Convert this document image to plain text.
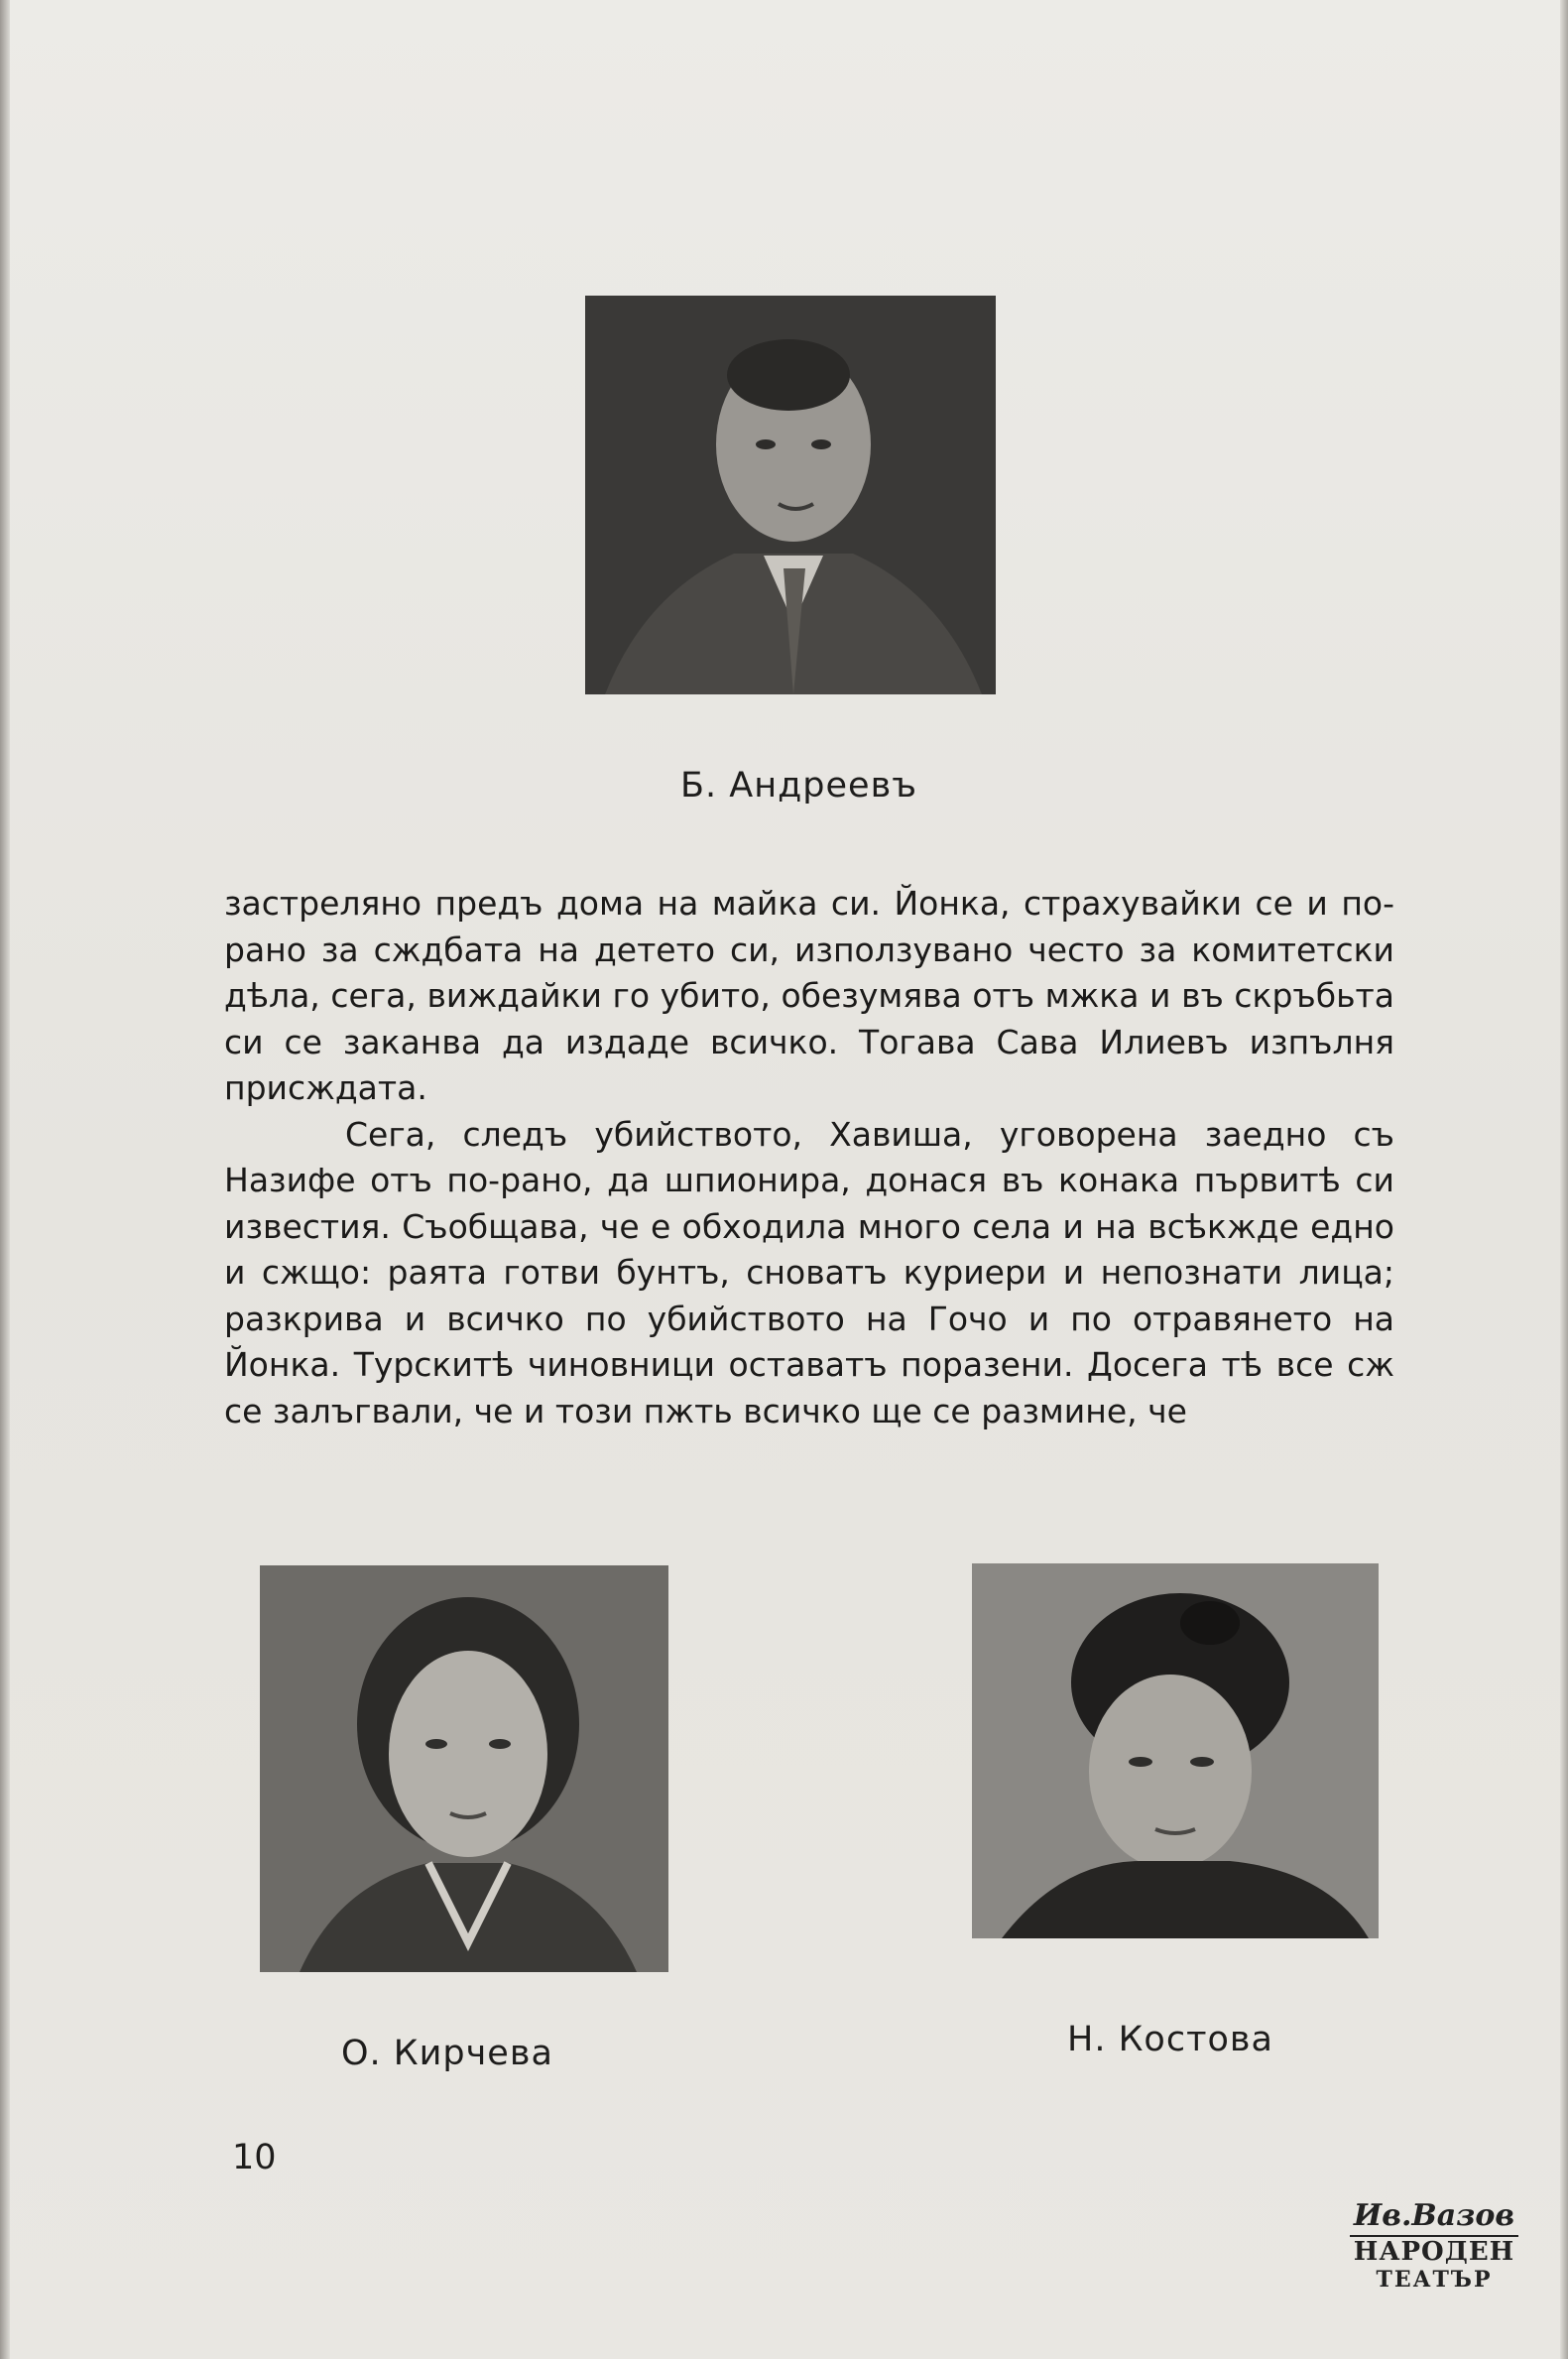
Б. Андреевъ

застреляно предъ дома на майка си. Йонка, страхувайки се и по-рано за сждбата на детето си, използувано често за комитетски дѣла, сега, виждайки го убито, обезумява отъ мжка и въ скръбьта си се заканва да издаде всичко. Тогава Сава Илиевъ изпълня присждата.

Сега, следъ убийството, Хавиша, уговорена заедно съ Назифе отъ по-рано, да шпионира, донася въ конака първитѣ си известия. Съобщава, че е обходила много села и на всѣкжде едно и сжщо: раята готви бунтъ, сноватъ куриери и непознати лица; разкрива и всичко по убийството на Гочо и по отравянето на Йонка. Турскитѣ чиновници оставатъ поразени. Досега тѣ все сж се залъгвали, че и този пжть всичко ще се размине, че

О. Кирчева	Н. Костова
10
Ив.Вазов
НАРОДЕН
ТЕАТЪР
